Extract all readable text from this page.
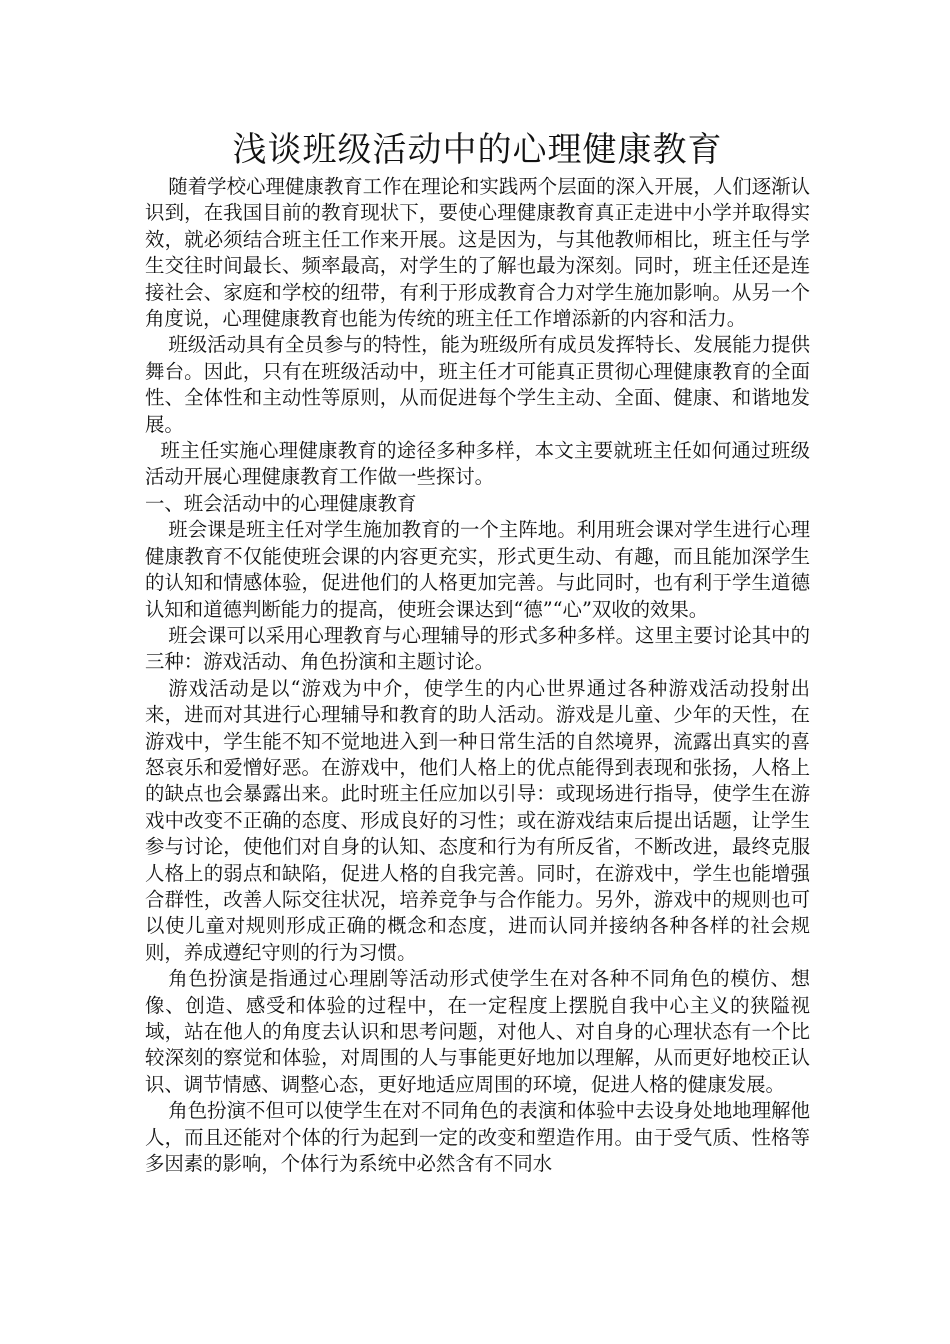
浅谈班级活动中的心理健康教育

随着学校心理健康教育工作在理论和实践两个层面的深入开展，人们逐渐认识到，在我国目前的教育现状下，要使心理健康教育真正走进中小学并取得实效，就必须结合班主任工作来开展。这是因为，与其他教师相比，班主任与学生交往时间最长、频率最高，对学生的了解也最为深刻。同时，班主任还是连接社会、家庭和学校的纽带，有利于形成教育合力对学生施加影响。从另一个角度说，心理健康教育也能为传统的班主任工作增添新的内容和活力。

班级活动具有全员参与的特性，能为班级所有成员发挥特长、发展能力提供舞台。因此，只有在班级活动中，班主任才可能真正贯彻心理健康教育的全面性、全体性和主动性等原则，从而促进每个学生主动、全面、健康、和谐地发展。

班主任实施心理健康教育的途径多种多样，本文主要就班主任如何通过班级活动开展心理健康教育工作做一些探讨。

一、班会活动中的心理健康教育

班会课是班主任对学生施加教育的一个主阵地。利用班会课对学生进行心理健康教育不仅能使班会课的内容更充实，形式更生动、有趣，而且能加深学生的认知和情感体验，促进他们的人格更加完善。与此同时，也有利于学生道德认知和道德判断能力的提高，使班会课达到“德”“心”双收的效果。

班会课可以采用心理教育与心理辅导的形式多种多样。这里主要讨论其中的三种：游戏活动、角色扮演和主题讨论。

游戏活动是以“游戏为中介，使学生的内心世界通过各种游戏活动投射出来，进而对其进行心理辅导和教育的助人活动。游戏是儿童、少年的天性，在游戏中，学生能不知不觉地进入到一种日常生活的自然境界，流露出真实的喜怒哀乐和爱憎好恶。在游戏中，他们人格上的优点能得到表现和张扬，人格上的缺点也会暴露出来。此时班主任应加以引导：或现场进行指导，使学生在游戏中改变不正确的态度、形成良好的习性；或在游戏结束后提出话题，让学生参与讨论，使他们对自身的认知、态度和行为有所反省，不断改进，最终克服人格上的弱点和缺陷，促进人格的自我完善。同时，在游戏中，学生也能增强合群性，改善人际交往状况，培养竞争与合作能力。另外，游戏中的规则也可以使儿童对规则形成正确的概念和态度，进而认同并接纳各种各样的社会规则，养成遵纪守则的行为习惯。

角色扮演是指通过心理剧等活动形式使学生在对各种不同角色的模仿、想像、创造、感受和体验的过程中，在一定程度上摆脱自我中心主义的狭隘视域，站在他人的角度去认识和思考问题，对他人、对自身的心理状态有一个比较深刻的察觉和体验，对周围的人与事能更好地加以理解，从而更好地校正认识、调节情感、调整心态，更好地适应周围的环境，促进人格的健康发展。

角色扮演不但可以使学生在对不同角色的表演和体验中去设身处地地理解他人，而且还能对个体的行为起到一定的改变和塑造作用。由于受气质、性格等多因素的影响，个体行为系统中必然含有不同水
